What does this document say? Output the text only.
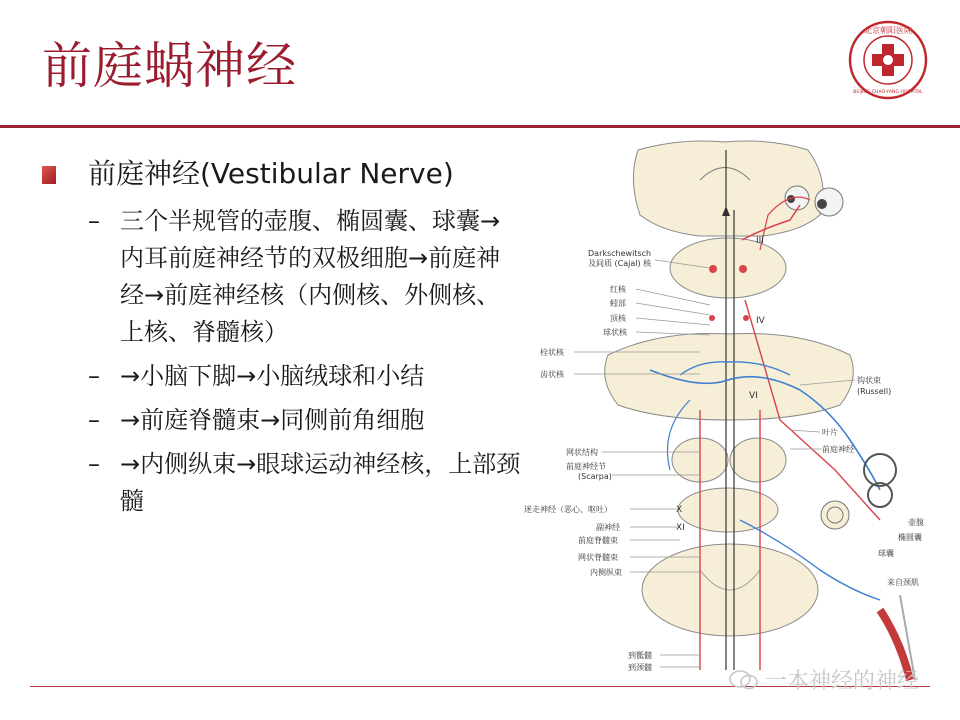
前庭蜗神经
北京朝阳医院
BEIJING CHAO-YANG HOSPITAL
前庭神经(Vestibular Nerve)
– 三个半规管的壶腹、椭圆囊、球囊→内耳前庭神经节的双极细胞→前庭神经→前庭神经核（内侧核、外侧核、上核、脊髓核）
– →小脑下脚→小脑绒球和小结
– →前庭脊髓束→同侧前角细胞
– →内侧纵束→眼球运动神经核，上部颈髓
Darkschewitsch
及间质 (Cajal) 核
红核
蚓部
顶核
球状核
栓状核
齿状核
网状结构
前庭神经节
(Scarpa)
迷走神经（恶心、呕吐）
副神经
前庭脊髓束
网状脊髓束
内侧纵束
到骶髓
到颈髓
III
IV
VI
X
XI
钩状束
(Russell)
叶片
前庭神经
壶腹
椭圆囊
球囊
来自颈肌
一本神经的神经
